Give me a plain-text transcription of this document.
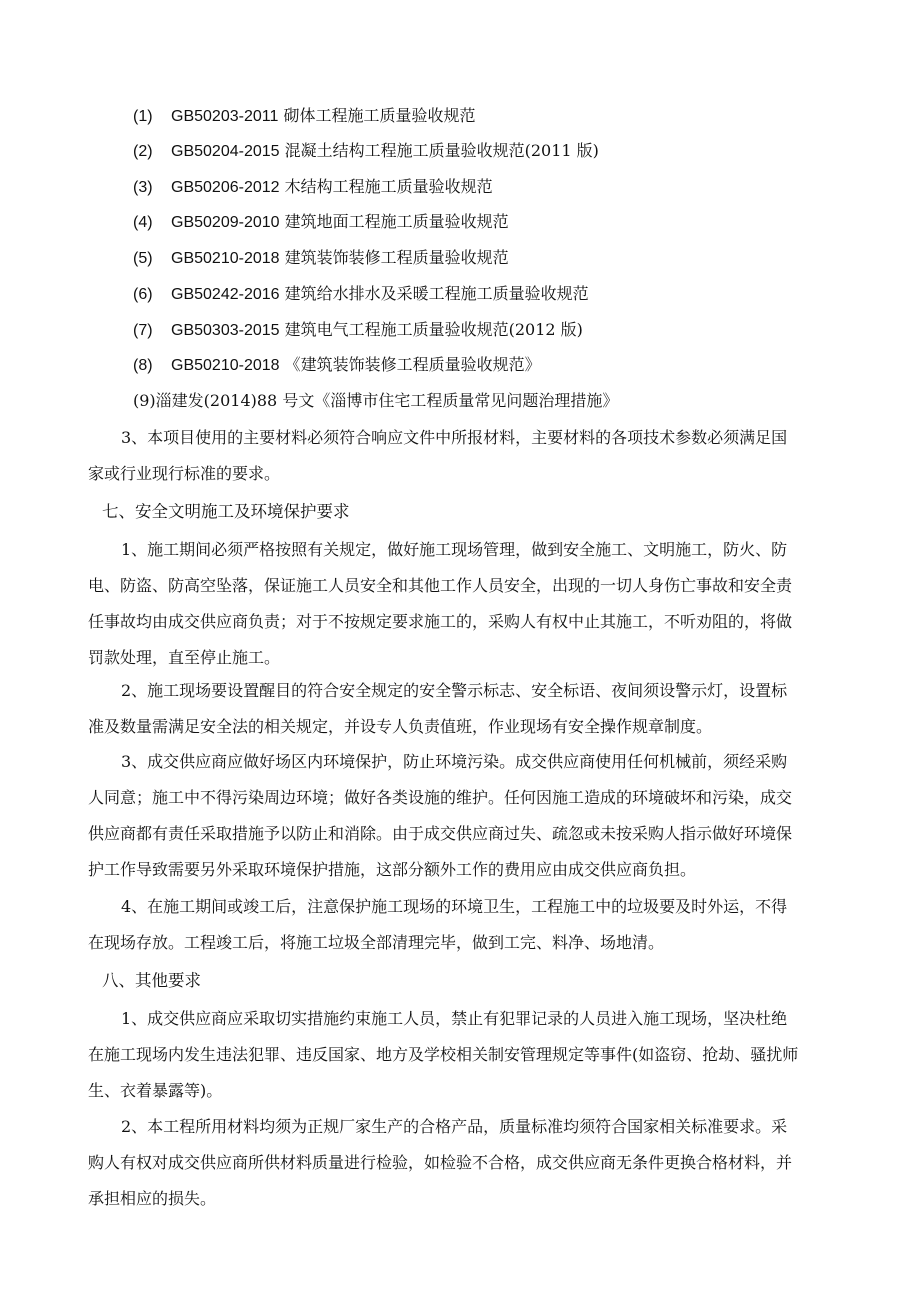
(1) GB50203-2011 砌体工程施工质量验收规范
(2) GB50204-2015 混凝土结构工程施工质量验收规范(2011 版)
(3) GB50206-2012 木结构工程施工质量验收规范
(4) GB50209-2010 建筑地面工程施工质量验收规范
(5) GB50210-2018 建筑装饰装修工程质量验收规范
(6) GB50242-2016 建筑给水排水及采暖工程施工质量验收规范
(7) GB50303-2015 建筑电气工程施工质量验收规范(2012 版)
(8) GB50210-2018 《建筑装饰装修工程质量验收规范》
(9)淄建发(2014)88 号文《淄博市住宅工程质量常见问题治理措施》
3、本项目使用的主要材料必须符合响应文件中所报材料，主要材料的各项技术参数必须满足国
家或行业现行标准的要求。
七、安全文明施工及环境保护要求
1、施工期间必须严格按照有关规定，做好施工现场管理，做到安全施工、文明施工，防火、防
电、防盗、防高空坠落，保证施工人员安全和其他工作人员安全，出现的一切人身伤亡事故和安全责
任事故均由成交供应商负责；对于不按规定要求施工的，采购人有权中止其施工，不听劝阻的，将做
罚款处理，直至停止施工。
2、施工现场要设置醒目的符合安全规定的安全警示标志、安全标语、夜间须设警示灯，设置标
准及数量需满足安全法的相关规定，并设专人负责值班，作业现场有安全操作规章制度。
3、成交供应商应做好场区内环境保护，防止环境污染。成交供应商使用任何机械前，须经采购
人同意；施工中不得污染周边环境；做好各类设施的维护。任何因施工造成的环境破坏和污染，成交
供应商都有责任采取措施予以防止和消除。由于成交供应商过失、疏忽或未按采购人指示做好环境保
护工作导致需要另外采取环境保护措施，这部分额外工作的费用应由成交供应商负担。
4、在施工期间或竣工后，注意保护施工现场的环境卫生，工程施工中的垃圾要及时外运，不得
在现场存放。工程竣工后，将施工垃圾全部清理完毕，做到工完、料净、场地清。
八、其他要求
1、成交供应商应采取切实措施约束施工人员，禁止有犯罪记录的人员进入施工现场，坚决杜绝
在施工现场内发生违法犯罪、违反国家、地方及学校相关制安管理规定等事件(如盗窃、抢劫、骚扰师
生、衣着暴露等)。
2、本工程所用材料均须为正规厂家生产的合格产品，质量标准均须符合国家相关标准要求。采
购人有权对成交供应商所供材料质量进行检验，如检验不合格，成交供应商无条件更换合格材料，并
承担相应的损失。
